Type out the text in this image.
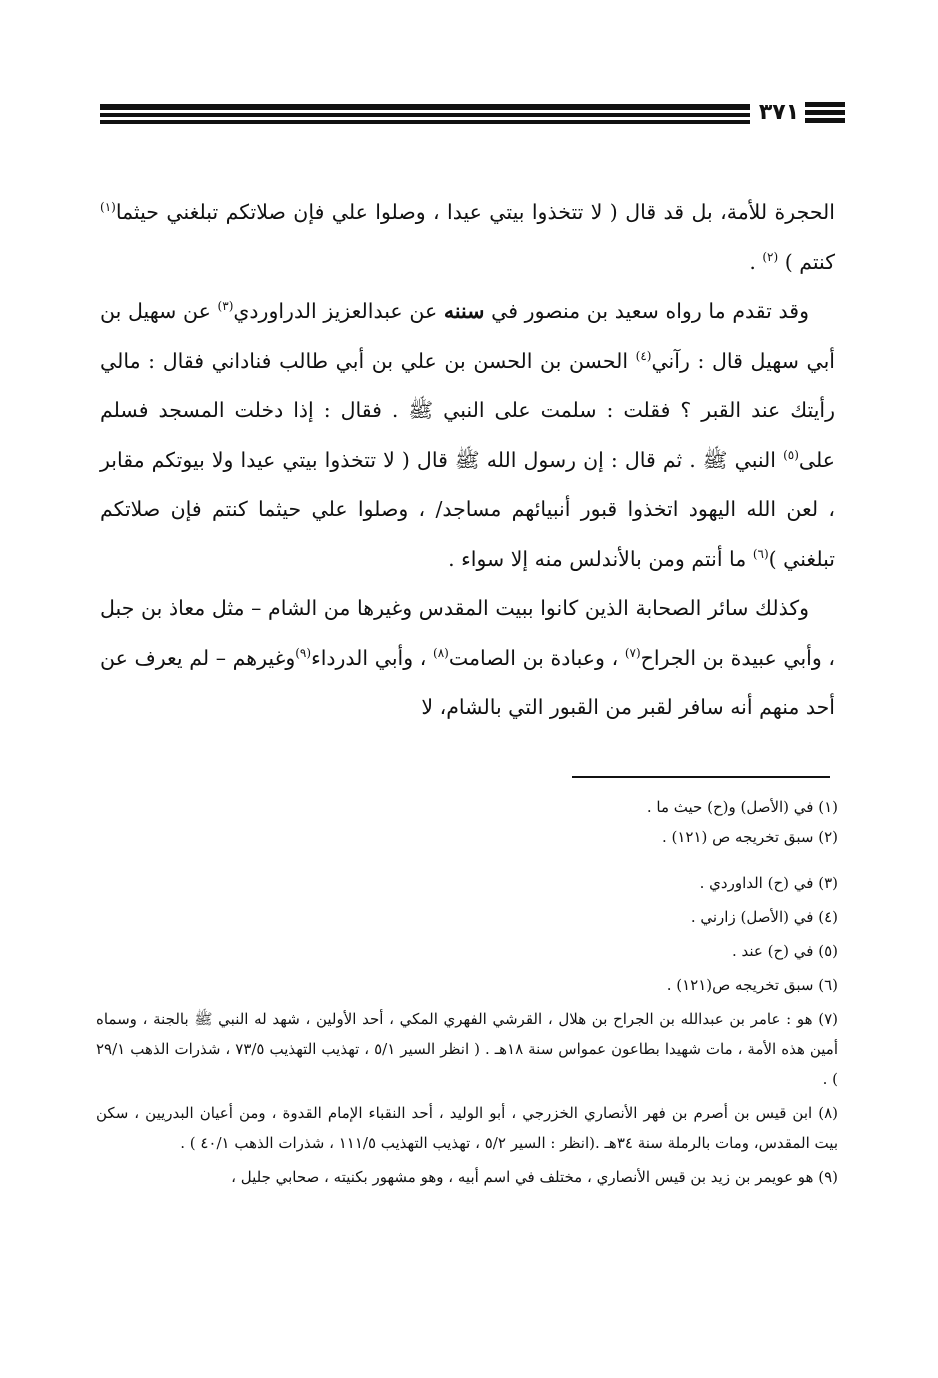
٣٧١

الحجرة للأمة، بل قد قال ( لا تتخذوا بيتي عيدا ، وصلوا علي فإن صلاتكم تبلغني حيثما$^{(١)}$ كنتم ) $^{(٢)}$ .

وقد تقدم ما رواه سعيد بن منصور في سننه عن عبدالعزيز الدراوردي$^{(٣)}$ عن سهيل بن أبي سهيل قال : رآني$^{(٤)}$ الحسن بن الحسن بن علي بن أبي طالب فناداني فقال : مالي رأيتك عند القبر ؟ فقلت : سلمت على النبي ﷺ . فقال : إذا دخلت المسجد فسلم على$^{(٥)}$ النبي ﷺ . ثم قال : إن رسول الله ﷺ قال ( لا تتخذوا بيتي عيدا ولا بيوتكم مقابر ، لعن الله اليهود اتخذوا قبور أنبيائهم مساجد/ ، وصلوا علي حيثما كنتم فإن صلاتكم تبلغني )$^{(٦)}$ ما أنتم ومن بالأندلس منه إلا سواء .

وكذلك سائر الصحابة الذين كانوا ببيت المقدس وغيرها من الشام – مثل معاذ بن جبل ، وأبي عبيدة بن الجراح$^{(٧)}$ ، وعبادة بن الصامت$^{(٨)}$ ، وأبي الدرداء$^{(٩)}$وغيرهم – لم يعرف عن أحد منهم أنه سافر لقبر من القبور التي بالشام، لا

(١) في (الأصل) و(ح) حيث ما .

(٢) سبق تخريجه ص (١٢١) .

(٣) في (ح) الداوردي .

(٤) في (الأصل) زارني .

(٥) في (ح) عند .

(٦) سبق تخريجه ص(١٢١) .

(٧) هو : عامر بن عبدالله بن الجراح بن هلال ، القرشي الفهري المكي ، أحد الأولين ، شهد له النبي ﷺ بالجنة ، وسماه أمين هذه الأمة ، مات شهيدا بطاعون عمواس سنة ١٨هـ . ( انظر السير ٥/١ ، تهذيب التهذيب ٧٣/٥ ، شذرات الذهب ٢٩/١ ) .

(٨) ابن قيس بن أصرم بن فهر الأنصاري الخزرجي ، أبو الوليد ، أحد النقباء الإمام القدوة ، ومن أعيان البدريين ، سكن بيت المقدس، ومات بالرملة سنة ٣٤هـ .(انظر : السير ٥/٢ ، تهذيب التهذيب ١١١/٥ ، شذرات الذهب ٤٠/١ ) .

(٩) هو عويمر بن زيد بن قيس الأنصاري ، مختلف في اسم أبيه ، وهو مشهور بكنيته ، صحابي جليل ،
